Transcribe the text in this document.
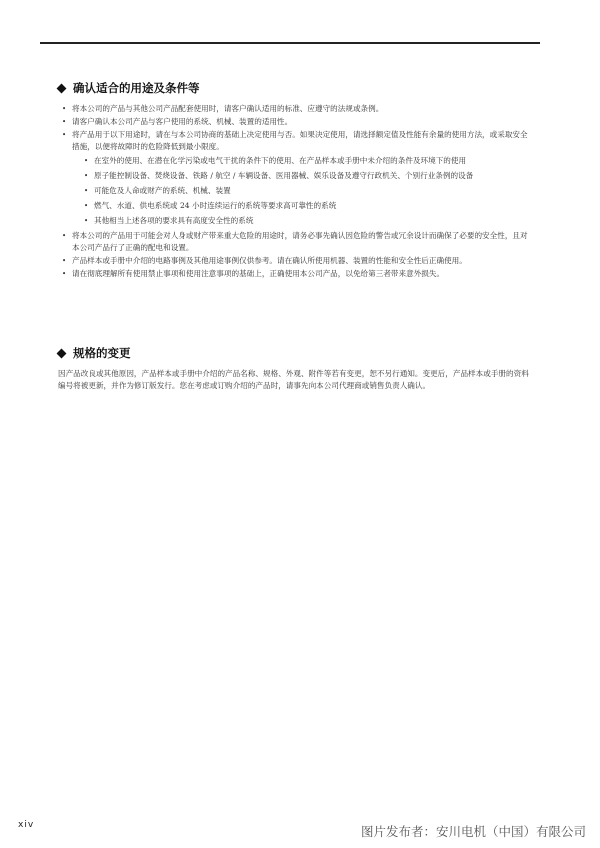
确认适合的用途及条件等
• 将本公司的产品与其他公司产品配套使用时，请客户确认适用的标准、应遵守的法规或条例。
• 请客户确认本公司产品与客户使用的系统、机械、装置的适用性。
• 将产品用于以下用途时，请在与本公司协商的基础上决定使用与否。如果决定使用，请选择额定值及性能有余量的使用方法，或采取安全措施，以便将故障时的危险降低到最小限度。
• 在室外的使用、在潜在化学污染或电气干扰的条件下的使用、在产品样本或手册中未介绍的条件及环境下的使用
• 原子能控制设备、焚烧设备、铁路 / 航空 / 车辆设备、医用器械、娱乐设备及遵守行政机关、个别行业条例的设备
• 可能危及人命或财产的系统、机械、装置
• 燃气、水道、供电系统或 24 小时连续运行的系统等要求高可靠性的系统
• 其他相当上述各项的要求具有高度安全性的系统
• 将本公司的产品用于可能会对人身或财产带来重大危险的用途时，请务必事先确认因危险的警告或冗余设计而确保了必要的安全性，且对本公司产品行了正确的配电和设置。
• 产品样本或手册中介绍的电路事例及其他用途事例仅供参考。请在确认所使用机器、装置的性能和安全性后正确使用。
• 请在彻底理解所有使用禁止事项和使用注意事项的基础上，正确使用本公司产品，以免给第三者带来意外损失。
规格的变更
因产品改良或其他原因，产品样本或手册中介绍的产品名称、规格、外观、附件等若有变更，恕不另行通知。变更后，产品样本或手册的资料编号将被更新，并作为修订版发行。您在考虑或订购介绍的产品时，请事先向本公司代理商或销售负责人确认。
xiv	图片发布者：安川电机（中国）有限公司
